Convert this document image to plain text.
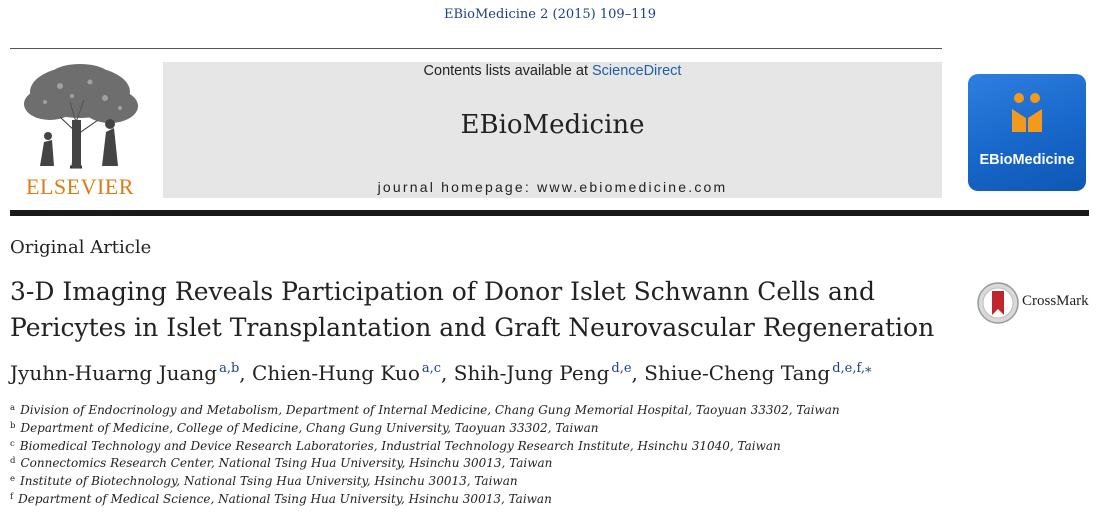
EBioMedicine 2 (2015) 109–119
ELSEVIER
Contents lists available at ScienceDirect
EBioMedicine
journal homepage: www.ebiomedicine.com
EBioMedicine
Original Article
3-D Imaging Reveals Participation of Donor Islet Schwann Cells and
Pericytes in Islet Transplantation and Graft Neurovascular Regeneration
CrossMark
Jyuhn-Huarng Juang  $^{a,b}$, Chien-Hung Kuo  $^{a,c}$, Shih-Jung Peng  $^{d,e}$, Shiue-Cheng Tang  $^{d,e,f,⁎}$
$^a$ Division of Endocrinology and Metabolism, Department of Internal Medicine, Chang Gung Memorial Hospital, Taoyuan 33302, Taiwan
$^b$ Department of Medicine, College of Medicine, Chang Gung University, Taoyuan 33302, Taiwan
$^c$ Biomedical Technology and Device Research Laboratories, Industrial Technology Research Institute, Hsinchu 31040, Taiwan
$^d$ Connectomics Research Center, National Tsing Hua University, Hsinchu 30013, Taiwan
$^e$ Institute of Biotechnology, National Tsing Hua University, Hsinchu 30013, Taiwan
$^f$ Department of Medical Science, National Tsing Hua University, Hsinchu 30013, Taiwan
